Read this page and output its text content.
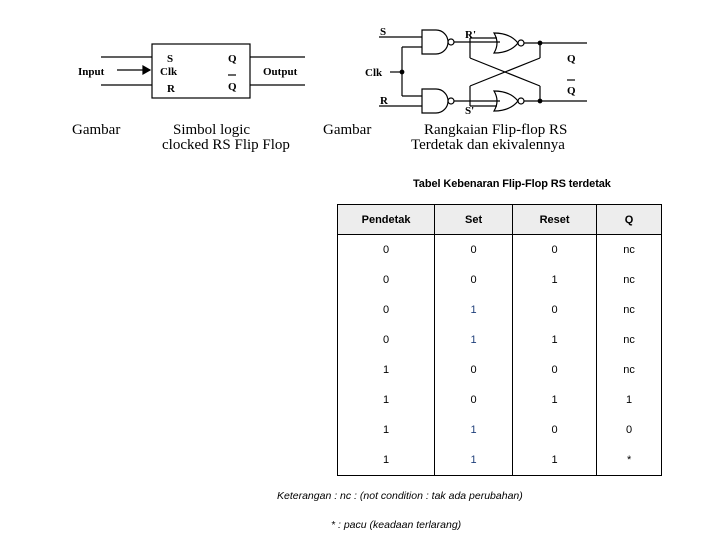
S
Clk
R
Q
Q
Input	Output
S
Clk
R
R'
S'
Q
Q
Gambar	Simbol logic
clocked RS Flip Flop
Gambar	Rangkaian Flip-flop RS
Terdetak dan ekivalennya
Tabel Kebenaran Flip-Flop RS terdetak
Pendetak	Set	Reset	Q
0	0	0	nc
0	0	1	nc
0	1	0	nc
0	1	1	nc
1	0	0	nc
1	0	1	1
1	1	0	0
1	1	1	*
Keterangan : nc : (not condition : tak ada perubahan)
* : pacu (keadaan terlarang)
